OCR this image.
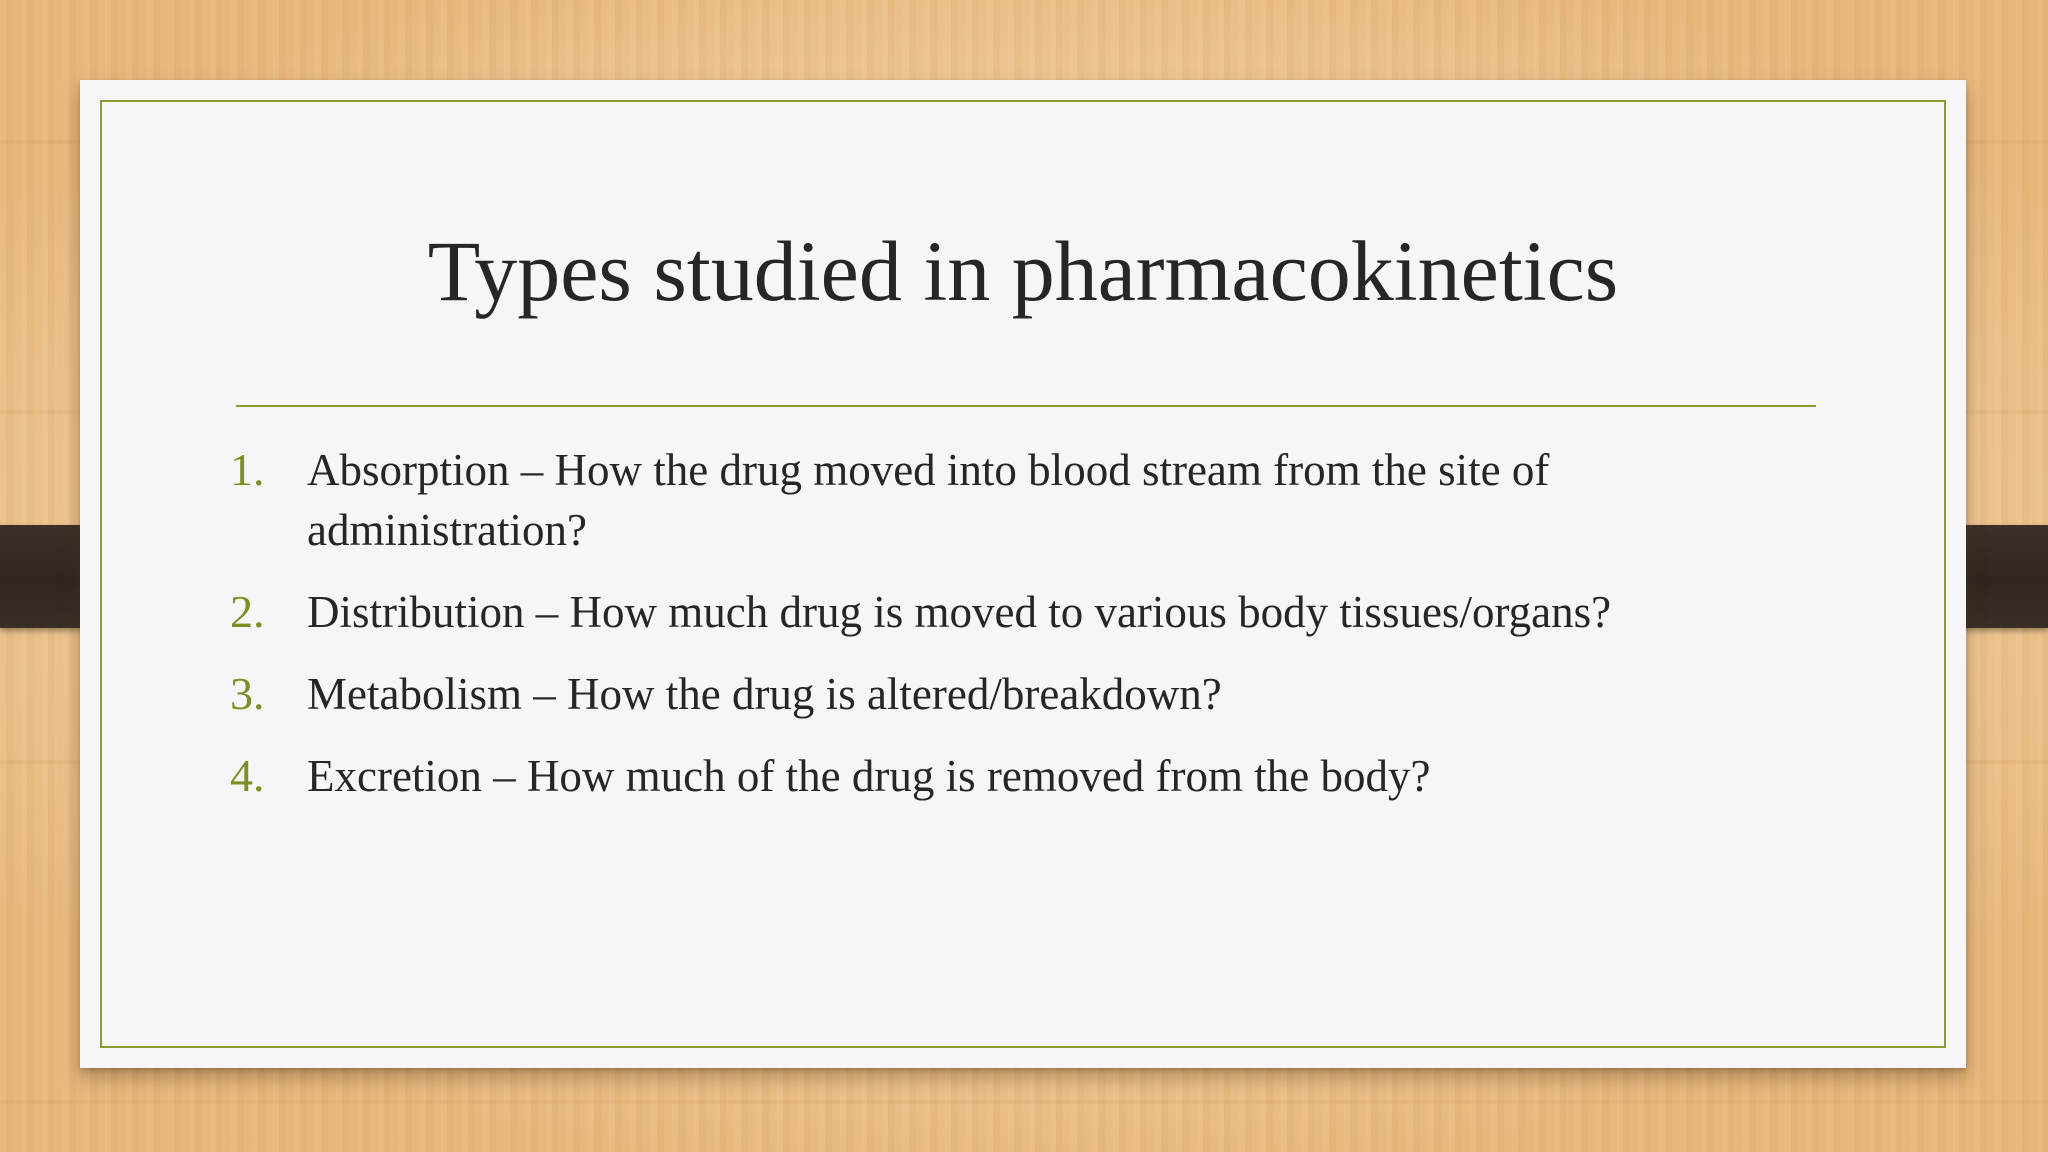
Types studied in pharmacokinetics
1. Absorption – How the drug moved into blood stream from the site of administration?
2. Distribution – How much drug is moved to various body tissues/organs?
3. Metabolism – How the drug is altered/breakdown?
4. Excretion – How much of the drug is removed from the body?
